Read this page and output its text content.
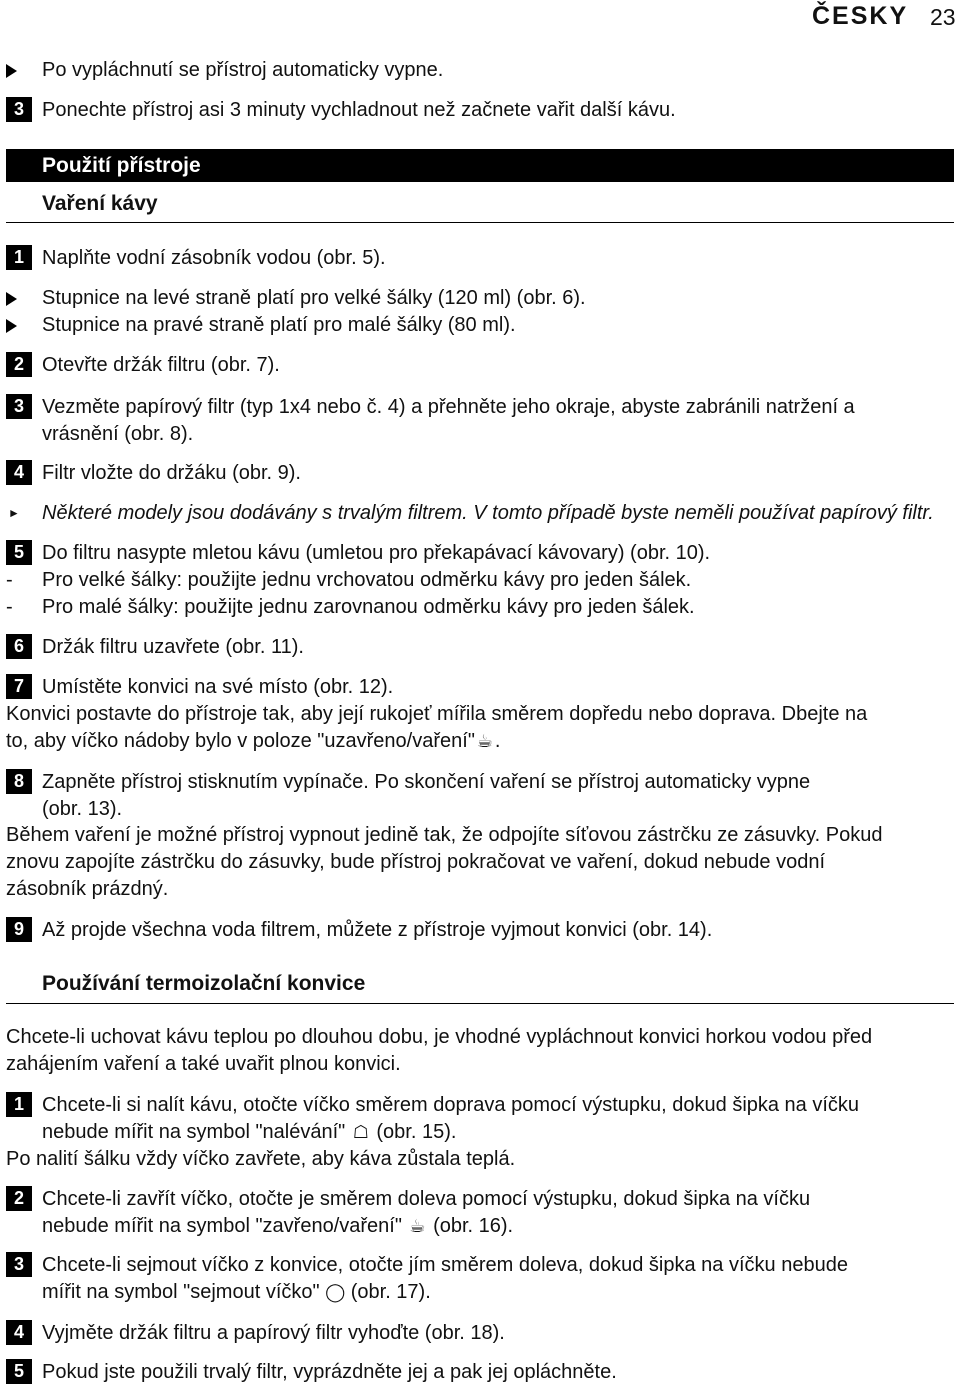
ČESKY 23
Po vypláchnutí se přístroj automaticky vypne.
3 Ponechte přístroj asi 3 minuty vychladnout než začnete vařit další kávu.
Použití přístroje
Vaření kávy
1 Naplňte vodní zásobník vodou (obr. 5).
Stupnice na levé straně platí pro velké šálky (120 ml) (obr. 6).
Stupnice na pravé straně platí pro malé šálky (80 ml).
2 Otevřte držák filtru (obr. 7).
3 Vezměte papírový filtr (typ 1x4 nebo č. 4) a přehněte jeho okraje, abyste zabránili natržení a
vrásnění (obr. 8).
4 Filtr vložte do držáku (obr. 9).
►	Některé modely jsou dodávány s trvalým filtrem. V tomto případě byste neměli používat papírový filtr.
5 Do filtru nasypte mletou kávu (umletou pro překapávací kávovary) (obr. 10).
-	Pro velké šálky: použijte jednu vrchovatou odměrku kávy pro jeden šálek.
-	Pro malé šálky: použijte jednu zarovnanou odměrku kávy pro jeden šálek.
6 Držák filtru uzavřete (obr. 11).
7 Umístěte konvici na své místo (obr. 12).
Konvici postavte do přístroje tak, aby její rukojeť mířila směrem dopředu nebo doprava. Dbejte na
to, aby víčko nádoby bylo v poloze "uzavřeno/vaření" ☕.
8 Zapněte přístroj stisknutím vypínače. Po skončení vaření se přístroj automaticky vypne
(obr. 13).
Během vaření je možné přístroj vypnout jedině tak, že odpojíte síťovou zástrčku ze zásuvky. Pokud
znovu zapojíte zástrčku do zásuvky, bude přístroj pokračovat ve vaření, dokud nebude vodní
zásobník prázdný.
9 Až projde všechna voda filtrem, můžete z přístroje vyjmout konvici (obr. 14).
Používání termoizolační konvice
Chcete-li uchovat kávu teplou po dlouhou dobu, je vhodné vypláchnout konvici horkou vodou před
zahájením vaření a také uvařit plnou konvici.
1 Chcete-li si nalít kávu, otočte víčko směrem doprava pomocí výstupku, dokud šipka na víčku
nebude mířit na symbol "nalévání" ☖ (obr. 15).
Po nalití šálku vždy víčko zavřete, aby káva zůstala teplá.
2 Chcete-li zavřít víčko, otočte je směrem doleva pomocí výstupku, dokud šipka na víčku
nebude mířit na symbol "zavřeno/vaření" ☕ (obr. 16).
3 Chcete-li sejmout víčko z konvice, otočte jím směrem doleva, dokud šipka na víčku nebude
mířit na symbol "sejmout víčko" ◯ (obr. 17).
4 Vyjměte držák filtru a papírový filtr vyhoďte (obr. 18).
5 Pokud jste použili trvalý filtr, vyprázdněte jej a pak jej opláchněte.
